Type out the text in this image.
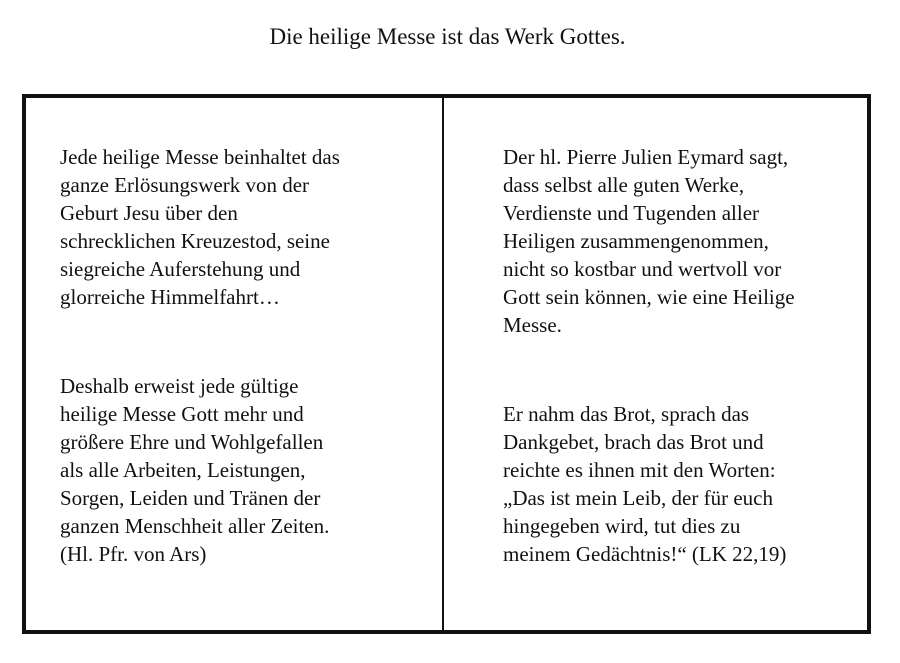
Die heilige Messe ist das Werk Gottes.
Jede heilige Messe beinhaltet das
ganze Erlösungswerk von der
Geburt Jesu über den
schrecklichen Kreuzestod, seine
siegreiche Auferstehung und
glorreiche Himmelfahrt…
Deshalb erweist jede gültige
heilige Messe Gott mehr und
größere Ehre und Wohlgefallen
als alle Arbeiten, Leistungen,
Sorgen, Leiden und Tränen der
ganzen Menschheit aller Zeiten.
(Hl. Pfr. von Ars)
Der hl. Pierre Julien Eymard sagt,
dass selbst alle guten Werke,
Verdienste und Tugenden aller
Heiligen zusammengenommen,
nicht so kostbar und wertvoll vor
Gott sein können, wie eine Heilige
Messe.
Er nahm das Brot, sprach das
Dankgebet, brach das Brot und
reichte es ihnen mit den Worten:
„Das ist mein Leib, der für euch
hingegeben wird, tut dies zu
meinem Gedächtnis!“ (LK 22,19)
